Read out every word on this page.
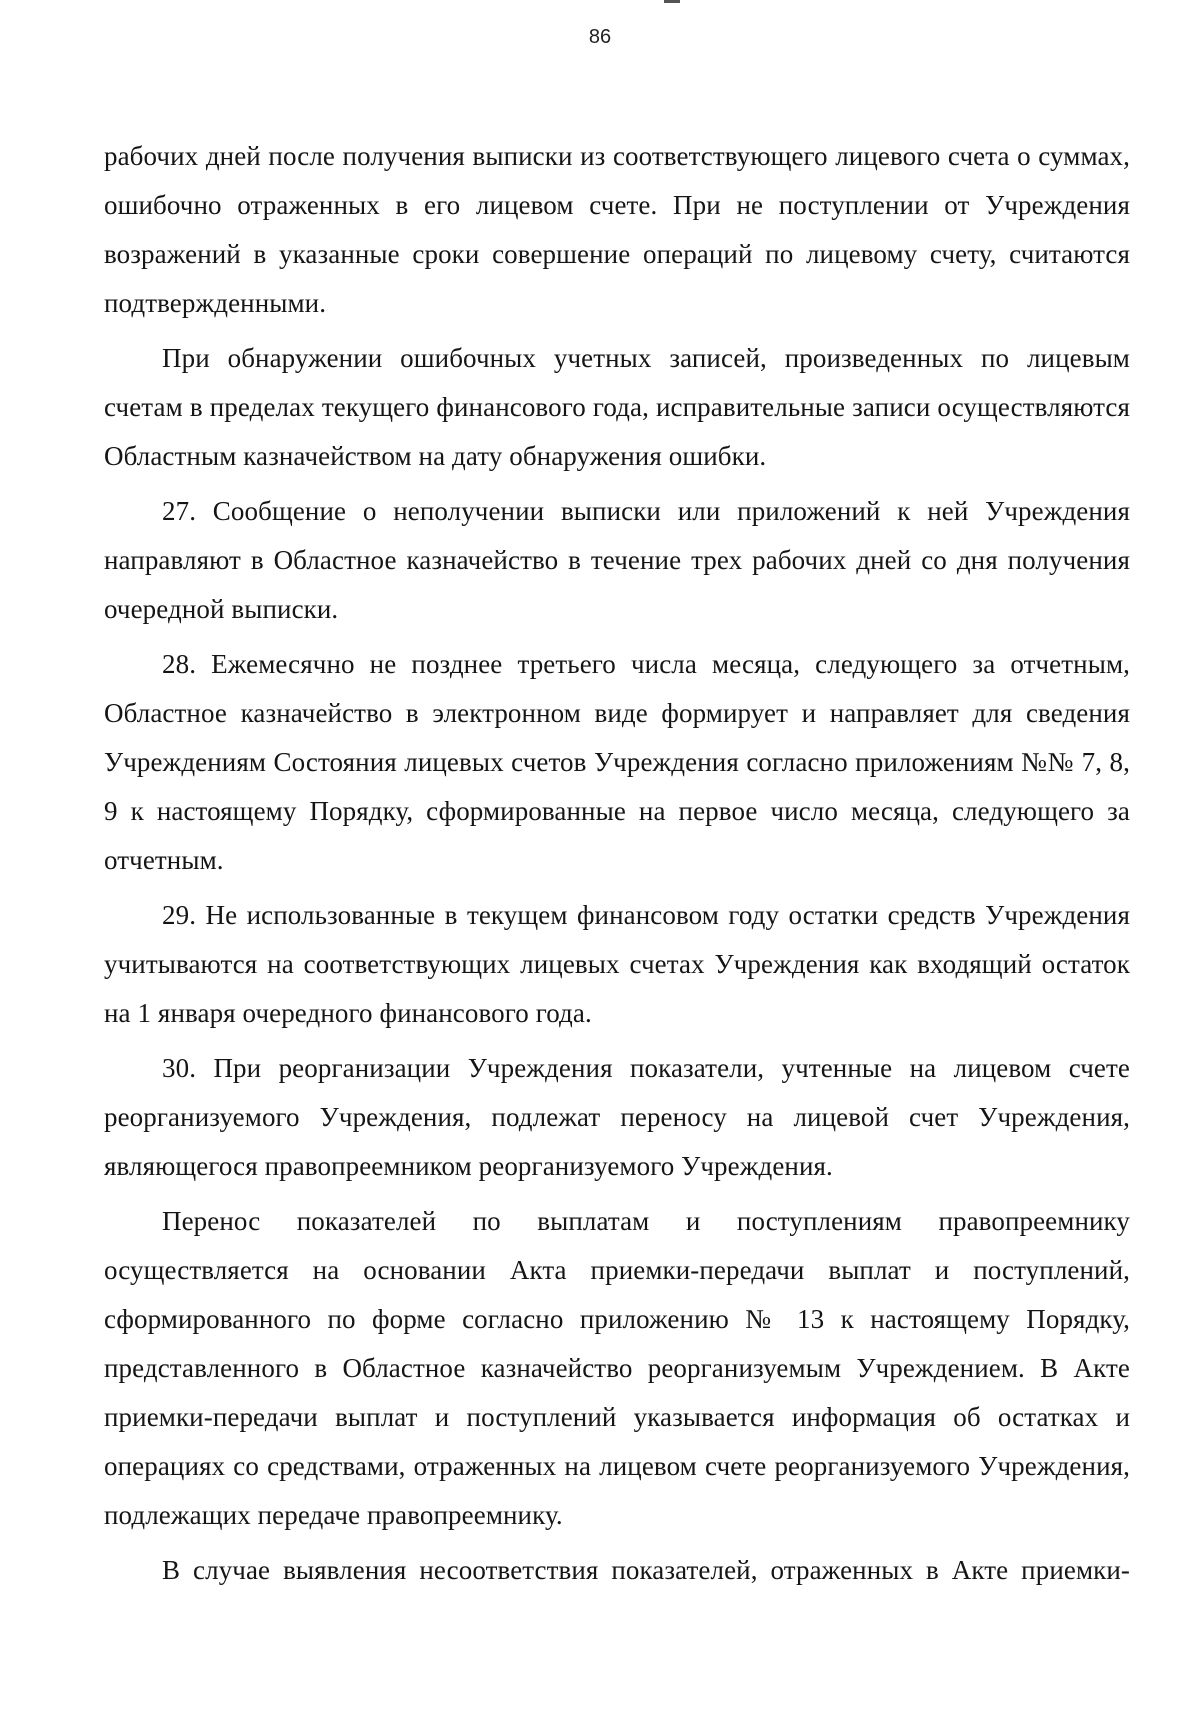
86

рабочих дней после получения выписки из соответствующего лицевого счета о суммах, ошибочно отраженных в его лицевом счете. При не поступлении от Учреждения возражений в указанные сроки совершение операций по лицевому счету, считаются подтвержденными.

При обнаружении ошибочных учетных записей, произведенных по лицевым счетам в пределах текущего финансового года, исправительные записи осуществляются Областным казначейством на дату обнаружения ошибки.

27. Сообщение о неполучении выписки или приложений к ней Учреждения направляют в Областное казначейство в течение трех рабочих дней со дня получения очередной выписки.

28. Ежемесячно не позднее третьего числа месяца, следующего за отчетным, Областное казначейство в электронном виде формирует и направляет для сведения Учреждениям Состояния лицевых счетов Учреждения согласно приложениям №№ 7, 8, 9 к настоящему Порядку, сформированные на первое число месяца, следующего за отчетным.

29. Не использованные в текущем финансовом году остатки средств Учреждения учитываются на соответствующих лицевых счетах Учреждения как входящий остаток на 1 января очередного финансового года.

30. При реорганизации Учреждения показатели, учтенные на лицевом счете реорганизуемого Учреждения, подлежат переносу на лицевой счет Учреждения, являющегося правопреемником реорганизуемого Учреждения.

Перенос показателей по выплатам и поступлениям правопреемнику осуществляется на основании Акта приемки-передачи выплат и поступлений, сформированного по форме согласно приложению № 13 к настоящему Порядку, представленного в Областное казначейство реорганизуемым Учреждением. В Акте приемки-передачи выплат и поступлений указывается информация об остатках и операциях со средствами, отраженных на лицевом счете реорганизуемого Учреждения, подлежащих передаче правопреемнику.

В случае выявления несоответствия показателей, отраженных в Акте приемки-
